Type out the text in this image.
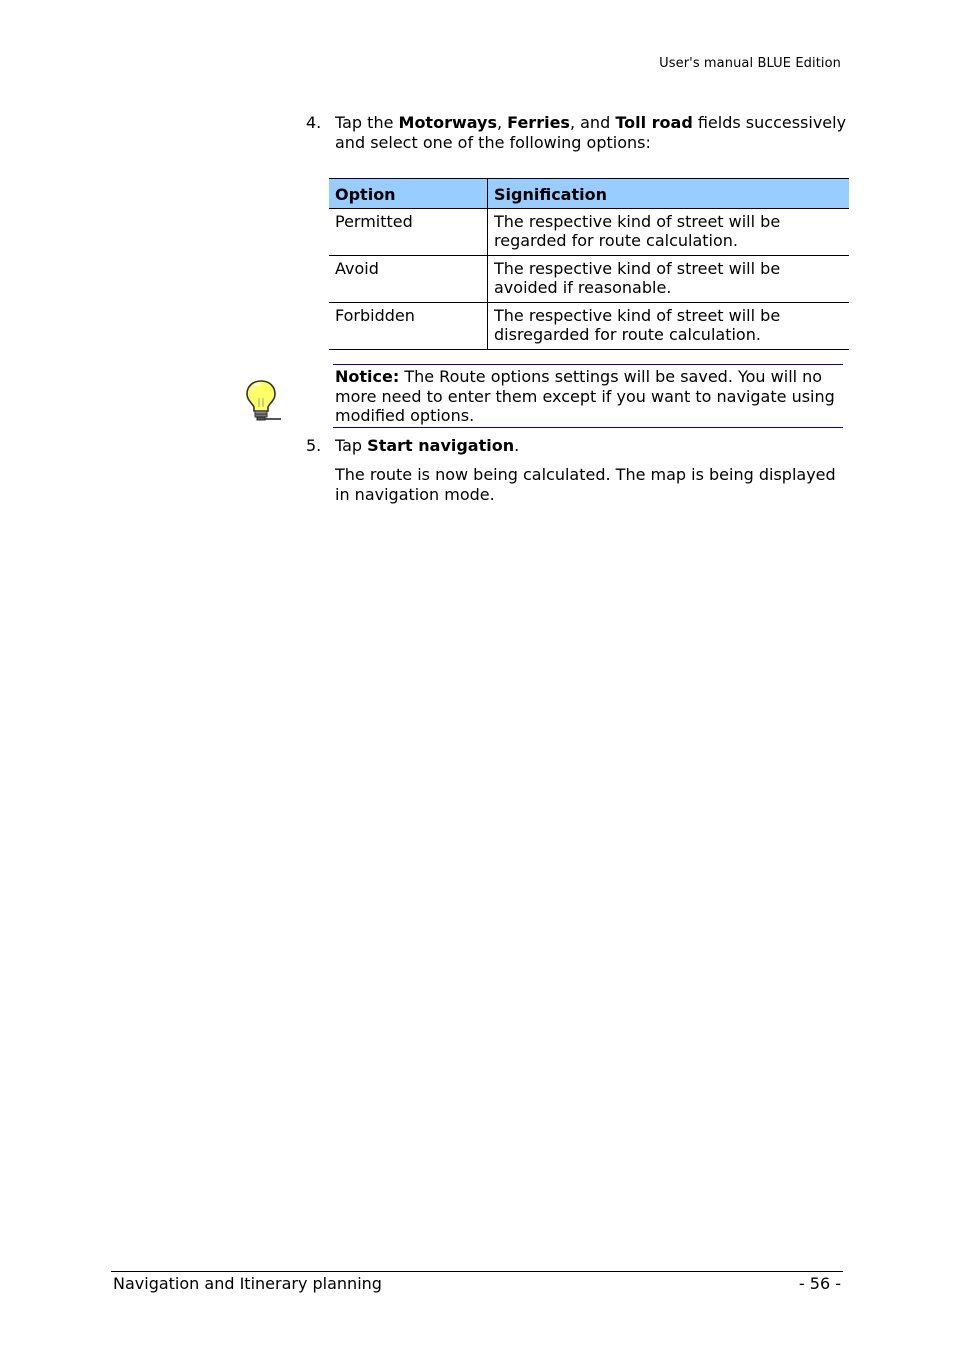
User's manual BLUE Edition
4. Tap the Motorways, Ferries, and Toll road fields successively and select one of the following options:
Option	Signification
Permitted	The respective kind of street will be regarded for route calculation.
Avoid	The respective kind of street will be avoided if reasonable.
Forbidden	The respective kind of street will be disregarded for route calculation.
Notice: The Route options settings will be saved. You will no more need to enter them except if you want to navigate using modified options.
5. Tap Start navigation.
The route is now being calculated. The map is being displayed in navigation mode.
Navigation and Itinerary planning	- 56 -
